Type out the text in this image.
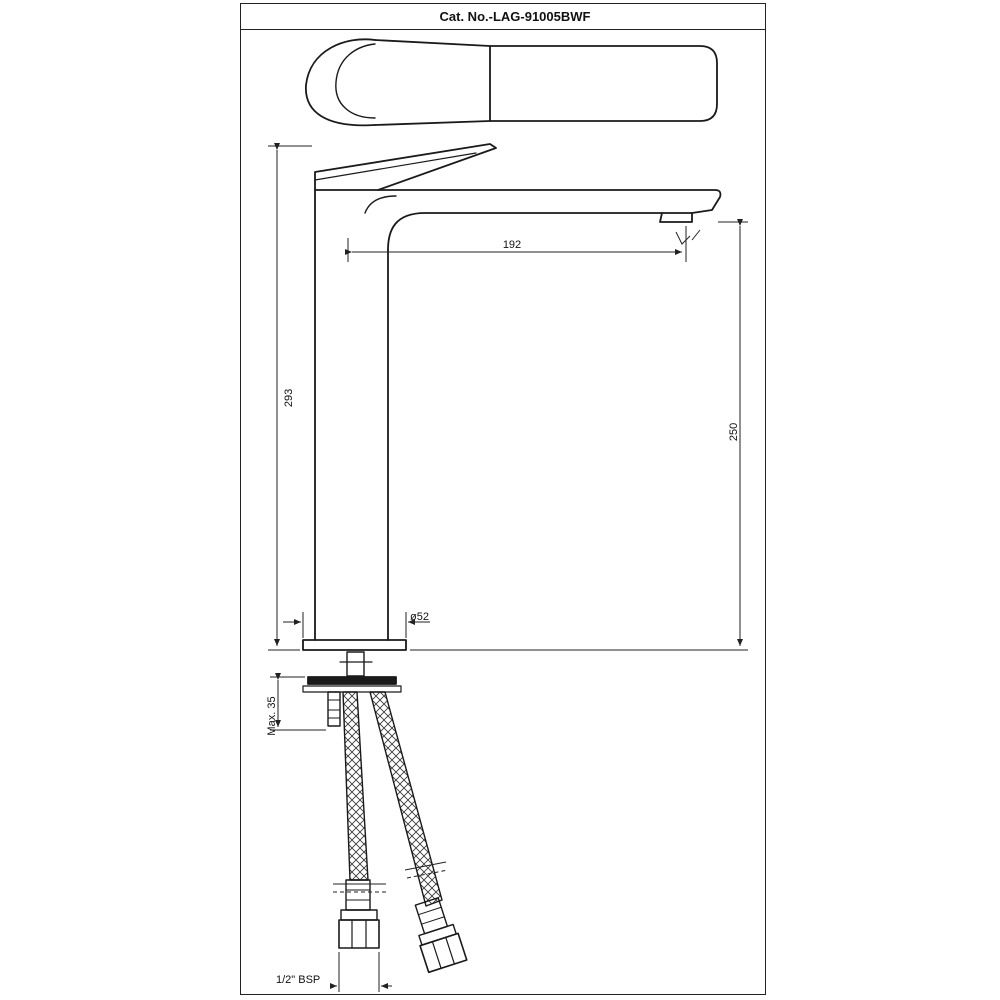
Cat. No.-LAG-91005BWF
192
293
250
ø52
Max. 35
1/2" BSP
